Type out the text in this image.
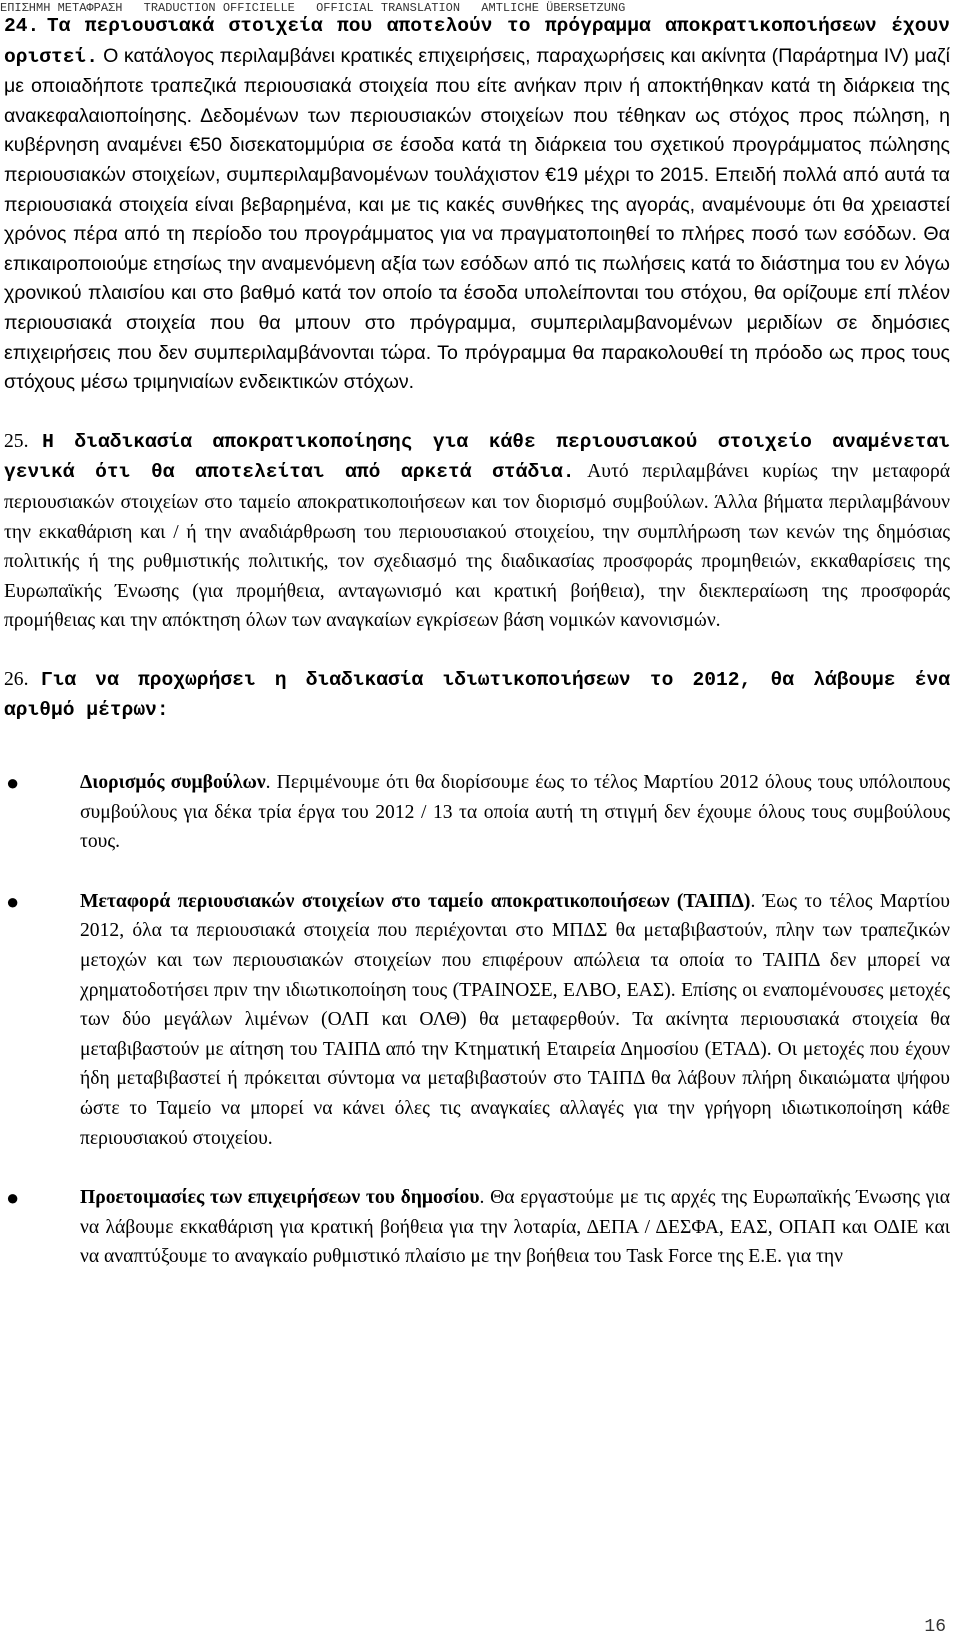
ΕΠΙΣΗΜΗ ΜΕΤΑΦΡΑΣΗ TRADUCTION OFFICIELLE OFFICIAL TRANSLATION AMTLICHE ÜBERSETZUNG

24. Τα περιουσιακά στοιχεία που αποτελούν το πρόγραμμα αποκρατικοποιήσεων έχουν οριστεί. Ο κατάλογος περιλαμβάνει κρατικές επιχειρήσεις, παραχωρήσεις και ακίνητα (Παράρτημα IV) μαζί με οποιαδήποτε τραπεζικά περιουσιακά στοιχεία που είτε ανήκαν πριν ή αποκτήθηκαν κατά τη διάρκεια της ανακεφαλαιοποίησης. Δεδομένων των περιουσιακών στοιχείων που τέθηκαν ως στόχος προς πώληση, η κυβέρνηση αναμένει €50 δισεκατομμύρια σε έσοδα κατά τη διάρκεια του σχετικού προγράμματος πώλησης περιουσιακών στοιχείων, συμπεριλαμβανομένων τουλάχιστον €19 μέχρι το 2015. Επειδή πολλά από αυτά τα περιουσιακά στοιχεία είναι βεβαρημένα, και με τις κακές συνθήκες της αγοράς, αναμένουμε ότι θα χρειαστεί χρόνος πέρα από τη περίοδο του προγράμματος για να πραγματοποιηθεί το πλήρες ποσό των εσόδων. Θα επικαιροποιούμε ετησίως την αναμενόμενη αξία των εσόδων από τις πωλήσεις κατά το διάστημα του εν λόγω χρονικού πλαισίου και στο βαθμό κατά τον οποίο τα έσοδα υπολείπονται του στόχου, θα ορίζουμε επί πλέον περιουσιακά στοιχεία που θα μπουν στο πρόγραμμα, συμπεριλαμβανομένων μεριδίων σε δημόσιες επιχειρήσεις που δεν συμπεριλαμβάνονται τώρα. Το πρόγραμμα θα παρακολουθεί τη πρόοδο ως προς τους στόχους μέσω τριμηνιαίων ενδεικτικών στόχων.

25. Η διαδικασία αποκρατικοποίησης για κάθε περιουσιακού στοιχείο αναμένεται γενικά ότι θα αποτελείται από αρκετά στάδια. Αυτό περιλαμβάνει κυρίως την μεταφορά περιουσιακών στοιχείων στο ταμείο αποκρατικοποιήσεων και τον διορισμό συμβούλων. Άλλα βήματα περιλαμβάνουν την εκκαθάριση και / ή την αναδιάρθρωση του περιουσιακού στοιχείου, την συμπλήρωση των κενών της δημόσιας πολιτικής ή της ρυθμιστικής πολιτικής, τον σχεδιασμό της διαδικασίας προσφοράς προμηθειών, εκκαθαρίσεις της Ευρωπαϊκής Ένωσης (για προμήθεια, ανταγωνισμό και κρατική βοήθεια), την διεκπεραίωση της προσφοράς προμήθειας και την απόκτηση όλων των αναγκαίων εγκρίσεων βάση νομικών κανονισμών.

26. Για να προχωρήσει η διαδικασία ιδιωτικοποιήσεων το 2012, θα λάβουμε ένα αριθμό μέτρων:

●	Διορισμός συμβούλων. Περιμένουμε ότι θα διορίσουμε έως το τέλος Μαρτίου 2012 όλους τους υπόλοιπους συμβούλους για δέκα τρία έργα του 2012 / 13 τα οποία αυτή τη στιγμή δεν έχουμε όλους τους συμβούλους τους.
●	Μεταφορά περιουσιακών στοιχείων στο ταμείο αποκρατικοποιήσεων (ΤΑΙΠΔ). Έως το τέλος Μαρτίου 2012, όλα τα περιουσιακά στοιχεία που περιέχονται στο ΜΠΔΣ θα μεταβιβαστούν, πλην των τραπεζικών μετοχών και των περιουσιακών στοιχείων που επιφέρουν απώλεια τα οποία το ΤΑΙΠΔ δεν μπορεί να χρηματοδοτήσει πριν την ιδιωτικοποίηση τους (ΤΡΑΙΝΟΣΕ, ΕΛΒΟ, ΕΑΣ). Επίσης οι εναπομένουσες μετοχές των δύο μεγάλων λιμένων (ΟΛΠ και ΟΛΘ) θα μεταφερθούν. Τα ακίνητα περιουσιακά στοιχεία θα μεταβιβαστούν με αίτηση του ΤΑΙΠΔ από την Κτηματική Εταιρεία Δημοσίου (ΕΤΑΔ). Οι μετοχές που έχουν ήδη μεταβιβαστεί ή πρόκειται σύντομα να μεταβιβαστούν στο ΤΑΙΠΔ θα λάβουν πλήρη δικαιώματα ψήφου ώστε το Ταμείο να μπορεί να κάνει όλες τις αναγκαίες αλλαγές για την γρήγορη ιδιωτικοποίηση κάθε περιουσιακού στοιχείου.
●	Προετοιμασίες των επιχειρήσεων του δημοσίου. Θα εργαστούμε με τις αρχές της Ευρωπαϊκής Ένωσης για να λάβουμε εκκαθάριση για κρατική βοήθεια για την λοταρία, ΔΕΠΑ / ΔΕΣΦΑ, ΕΑΣ, ΟΠΑΠ και ΟΔΙΕ και να αναπτύξουμε το αναγκαίο ρυθμιστικό πλαίσιο με την βοήθεια του Task Force της Ε.Ε. για την
16
